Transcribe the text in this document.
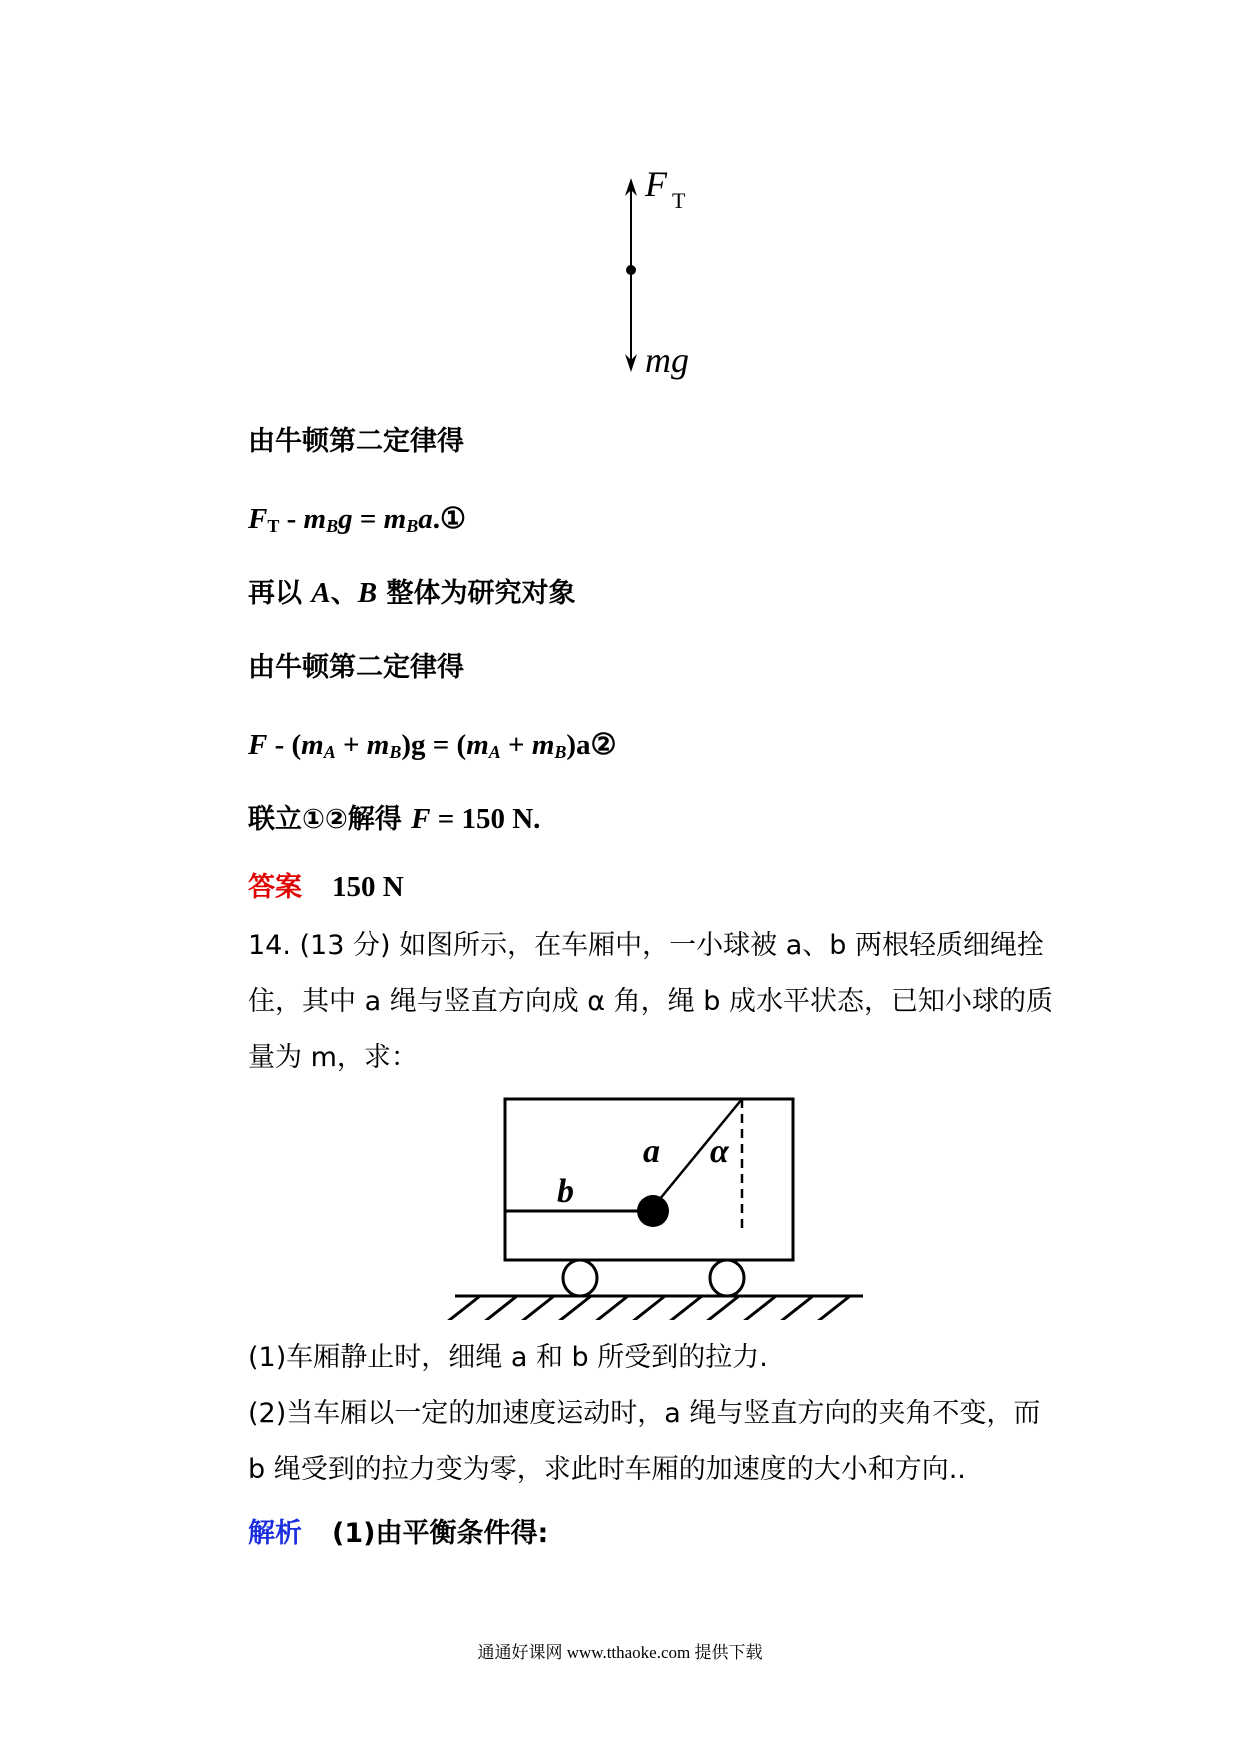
F T
mg
由牛顿第二定律得
$F_T - m_Bg$ = $m_Ba.①$
再以 A、B 整体为研究对象
由牛顿第二定律得
$F - (m_A + m_B)g = (m_A$ + $m_B)a②$
联立①②解得 F = 150 N.
答案 150 N
14. (13 分) 如图所示，在车厢中，一小球被 a、b 两根轻质细绳拴住，其中 a 绳与竖直方向成 α 角，绳 b 成水平状态，已知小球的质量为 m，求：
a α
b
(1)车厢静止时，细绳 a 和 b 所受到的拉力.
(2)当车厢以一定的加速度运动时，a 绳与竖直方向的夹角不变，而 b 绳受到的拉力变为零，求此时车厢的加速度的大小和方向..
解析 (1)由平衡条件得:
通通好课网 www.tthaoke.com 提供下载
